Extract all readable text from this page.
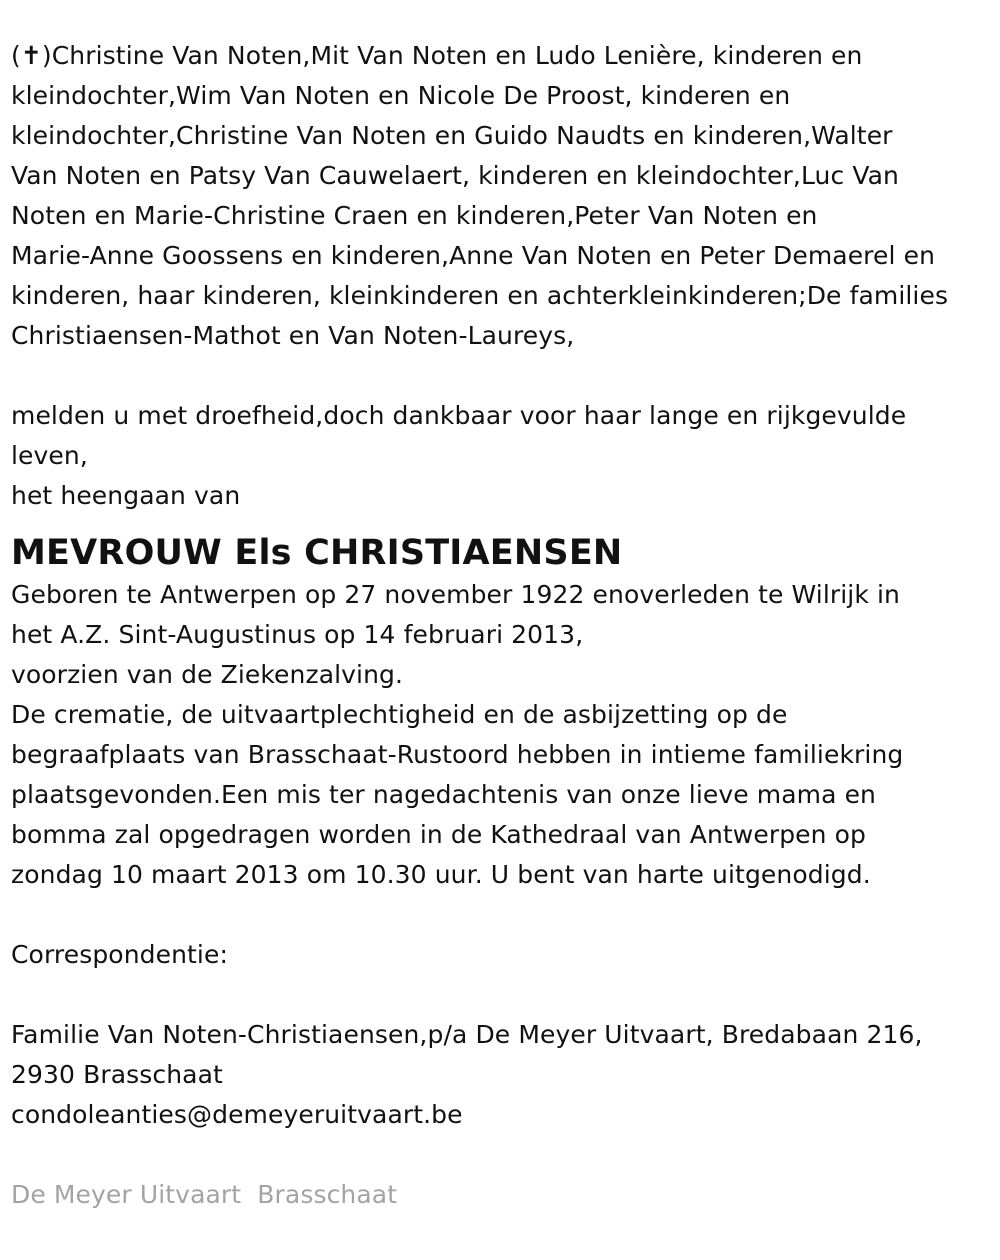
(✝)Christine Van Noten,Mit Van Noten en Ludo Lenière, kinderen en
kleindochter,Wim Van Noten en Nicole De Proost, kinderen en
kleindochter,Christine Van Noten en Guido Naudts en kinderen,Walter
Van Noten en Patsy Van Cauwelaert, kinderen en kleindochter,Luc Van
Noten en Marie-Christine Craen en kinderen,Peter Van Noten en
Marie-Anne Goossens en kinderen,Anne Van Noten en Peter Demaerel en
kinderen, haar kinderen, kleinkinderen en achterkleinkinderen;De families
Christiaensen-Mathot en Van Noten-Laureys,
melden u met droefheid,doch dankbaar voor haar lange en rijkgevulde
leven,
het heengaan van
MEVROUW Els CHRISTIAENSEN
Geboren te Antwerpen op 27 november 1922 enoverleden te Wilrijk in
het A.Z. Sint-Augustinus op 14 februari 2013,
voorzien van de Ziekenzalving.
De crematie, de uitvaartplechtigheid en de asbijzetting op de
begraafplaats van Brasschaat-Rustoord hebben in intieme familiekring
plaatsgevonden.Een mis ter nagedachtenis van onze lieve mama en
bomma zal opgedragen worden in de Kathedraal van Antwerpen op
zondag 10 maart 2013 om 10.30 uur. U bent van harte uitgenodigd.
Correspondentie:
Familie Van Noten-Christiaensen,p/a De Meyer Uitvaart, Bredabaan 216,
2930 Brasschaat
condoleanties@demeyeruitvaart.be
De Meyer Uitvaart  Brasschaat
